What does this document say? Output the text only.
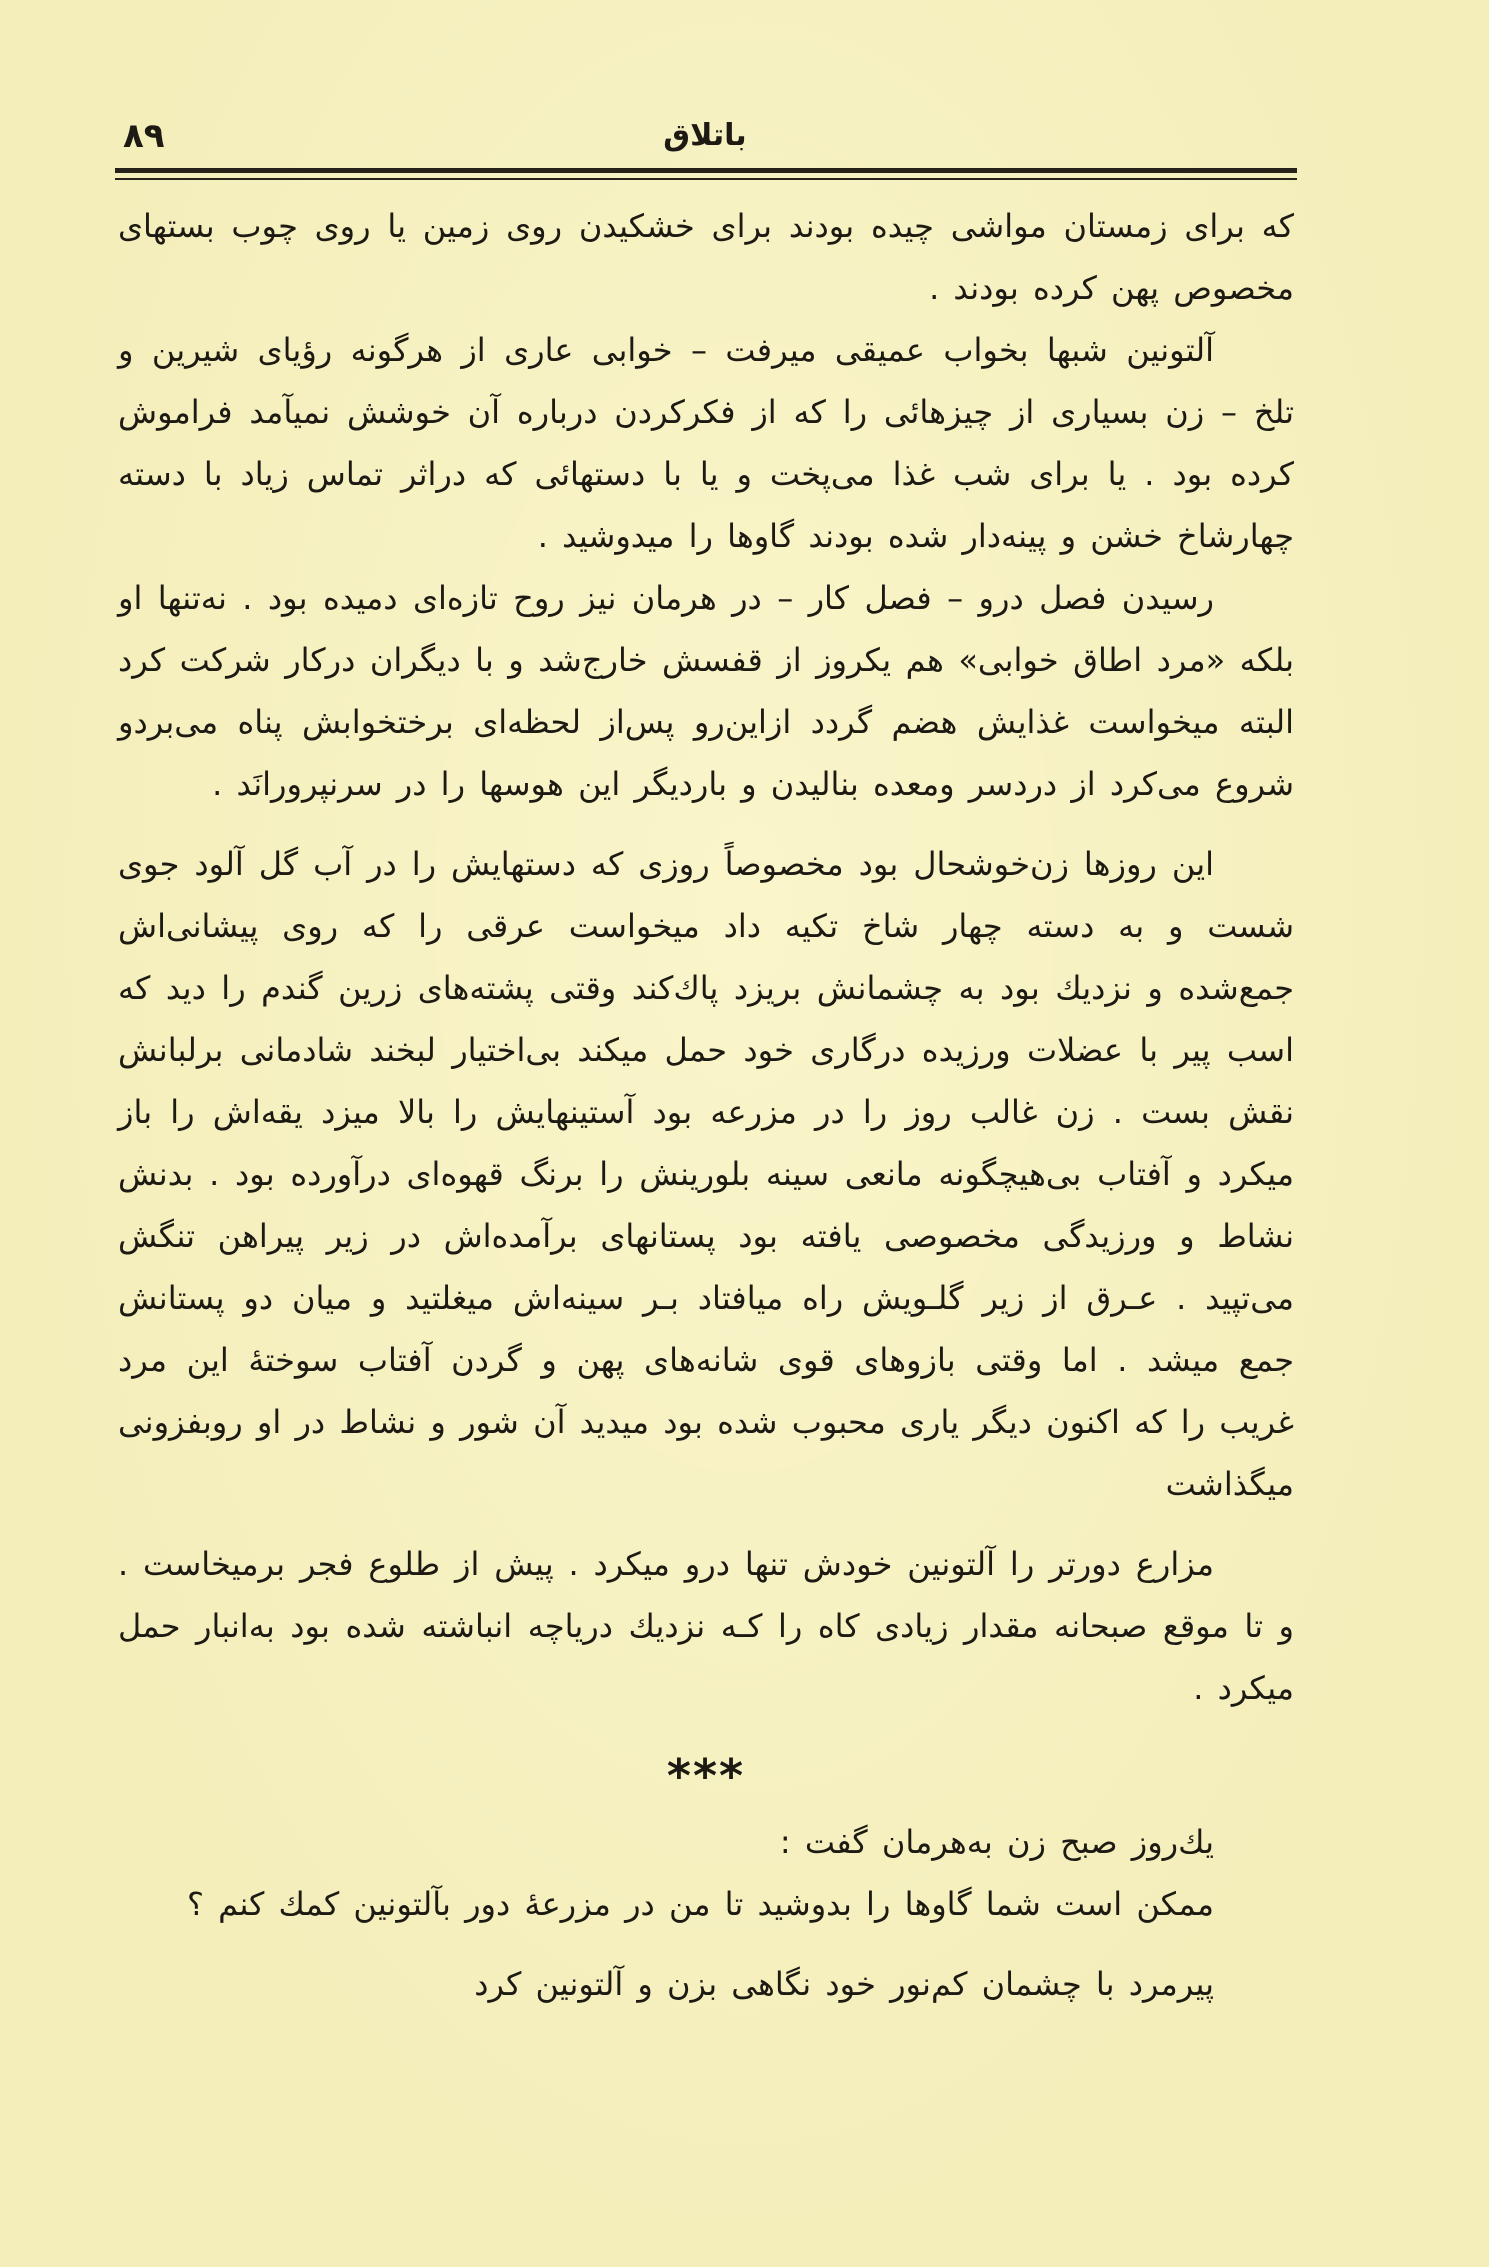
۸۹	باتلاق

که برای زمستان مواشی چیده بودند برای خشکیدن روی زمین یا روی چوب بستهای مخصوص پهن کرده بودند .

آلتونین شبها بخواب عمیقی میرفت – خوابی عاری از هرگونه رؤیای شیرین و تلخ – زن بسیاری از چیزهائی را که از فکرکردن درباره آن خوشش نمیآمد فراموش کرده بود . یا برای شب غذا می‌پخت و یا با دستهائی که دراثر تماس زیاد با دسته چهارشاخ خشن و پینه‌دار شده بودند گاوها را میدوشید .

رسیدن فصل درو – فصل کار – در هرمان نیز روح تازه‌ای دمیده بود . نه‌تنها او بلکه «مرد اطاق خوابی» هم یکروز از قفسش خارج‌شد و با دیگران درکار شرکت کرد البته میخواست غذایش هضم گردد ازاین‌رو پس‌از لحظه‌ای برختخوابش پناه می‌بردو شروع می‌کرد از دردسر ومعده بنالیدن و باردیگر این هوسها را در سرنپرورانَد .

این روزها زن‌خوشحال بود مخصوصاً روزی که دستهایش را در آب گل آلود جوی شست و به دسته چهار شاخ تکیه داد میخواست عرقی را که روی پیشانی‌اش جمع‌شده و نزدیك بود به چشمانش بریزد پاك‌کند وقتی پشته‌های زرین گندم را دید که اسب پیر با عضلات ورزیده درگاری خود حمل میکند بی‌اختیار لبخند شادمانی برلبانش نقش بست . زن غالب روز را در مزرعه بود آستینهایش را بالا میزد یقه‌اش را باز میکرد و آفتاب بی‌هیچگونه مانعی سینه بلورینش را برنگ قهوه‌ای درآورده بود . بدنش نشاط و ورزیدگی مخصوصی یافته بود پستانهای برآمده‌اش در زیر پیراهن تنگش می‌تپید . عـرق از زیر گلـویش راه میافتاد بـر سینه‌اش میغلتید و میان دو پستانش جمع میشد . اما وقتی بازوهای قوی شانه‌های پهن و گردن آفتاب سوختهٔ این مرد غریب را که اکنون دیگر یاری محبوب شده بود میدید آن شور و نشاط در او روبفزونی میگذاشت

مزارع دورتر را آلتونین خودش تنها درو میکرد . پیش از طلوع فجر برمیخاست . و تا موقع صبحانه مقدار زیادی کاه را کـه نزدیك دریاچه انباشته شده بود به‌انبار حمل میکرد .

***

یك‌روز صبح زن به‌هرمان گفت :

ممکن است شما گاوها را بدوشید تا من در مزرعهٔ دور بآلتونین کمك کنم ؟

پیرمرد با چشمان کم‌نور خود نگاهی بزن و آلتونین کرد
